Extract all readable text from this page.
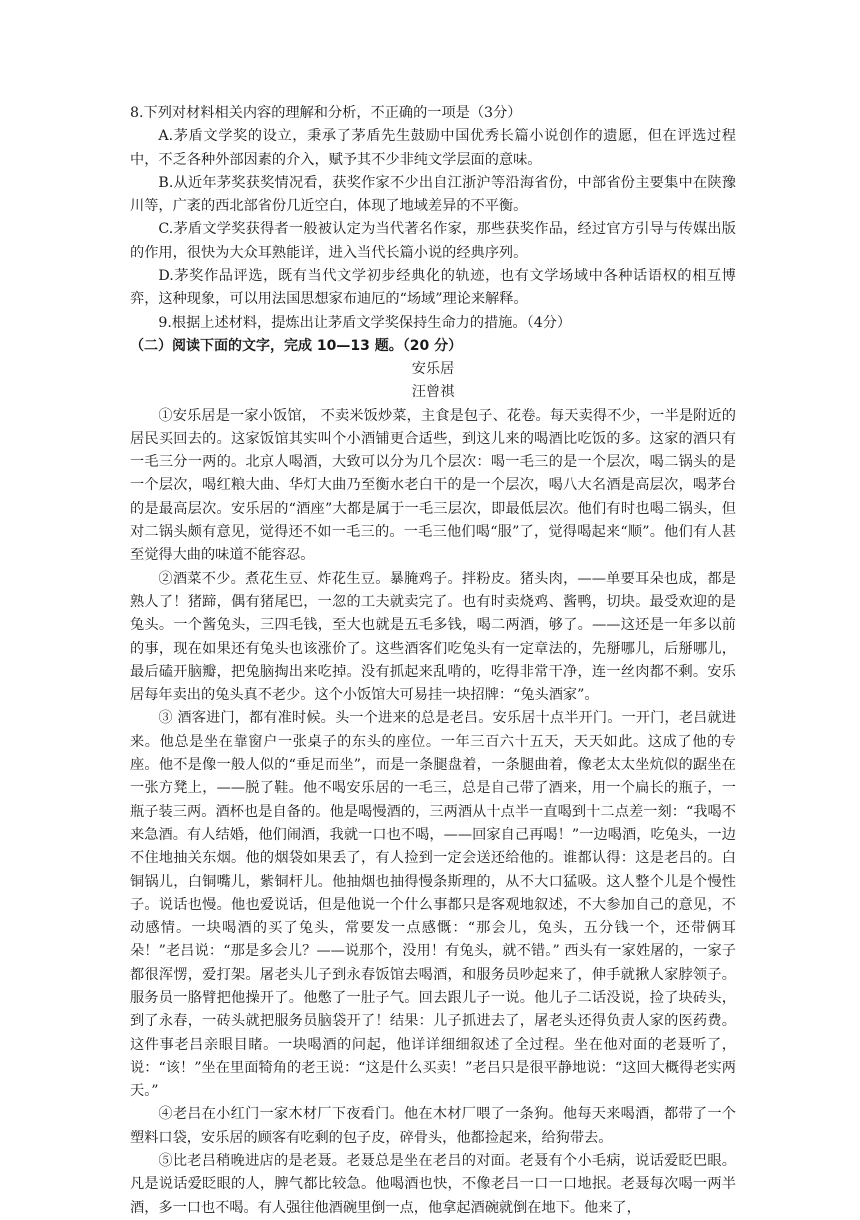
8.下列对材料相关内容的理解和分析，不正确的一项是（3分）

A.茅盾文学奖的设立，秉承了茅盾先生鼓励中国优秀长篇小说创作的遗愿，但在评选过程中，不乏各种外部因素的介入，赋予其不少非纯文学层面的意味。

B.从近年茅奖获奖情况看，获奖作家不少出自江浙沪等沿海省份，中部省份主要集中在陕豫川等，广袤的西北部省份几近空白，体现了地域差异的不平衡。

C.茅盾文学奖获得者一般被认定为当代著名作家，那些获奖作品，经过官方引导与传媒出版的作用，很快为大众耳熟能详，进入当代长篇小说的经典序列。

D.茅奖作品评选，既有当代文学初步经典化的轨迹，也有文学场域中各种话语权的相互博弈，这种现象，可以用法国思想家布迪厄的“场域”理论来解释。

9.根据上述材料，提炼出让茅盾文学奖保持生命力的措施。（4分）

（二）阅读下面的文字，完成 10—13 题。（20 分）

安乐居

汪曾祺

①安乐居是一家小饭馆， 不卖米饭炒菜，主食是包子、花卷。每天卖得不少，一半是附近的居民买回去的。这家饭馆其实叫个小酒铺更合适些，到这儿来的喝酒比吃饭的多。这家的酒只有一毛三分一两的。北京人喝酒，大致可以分为几个层次：喝一毛三的是一个层次，喝二锅头的是一个层次，喝红粮大曲、华灯大曲乃至衡水老白干的是一个层次，喝八大名酒是高层次，喝茅台的是最高层次。安乐居的“酒座”大都是属于一毛三层次，即最低层次。他们有时也喝二锅头，但对二锅头颇有意见，觉得还不如一毛三的。一毛三他们喝“服”了，觉得喝起来“顺”。他们有人甚至觉得大曲的味道不能容忍。

②酒菜不少。煮花生豆、炸花生豆。暴腌鸡子。拌粉皮。猪头肉，——单要耳朵也成，都是熟人了！猪蹄，偶有猪尾巴，一忽的工夫就卖完了。也有时卖烧鸡、酱鸭，切块。最受欢迎的是兔头。一个酱兔头，三四毛钱，至大也就是五毛多钱，喝二两酒，够了。——这还是一年多以前的事，现在如果还有兔头也该涨价了。这些酒客们吃兔头有一定章法的，先掰哪儿，后掰哪儿，最后磕开脑瓣，把兔脑掏出来吃掉。没有抓起来乱啃的，吃得非常干净，连一丝肉都不剩。安乐居每年卖出的兔头真不老少。这个小饭馆大可易挂一块招牌：“兔头酒家”。

③ 酒客进门，都有准时候。头一个进来的总是老吕。安乐居十点半开门。一开门，老吕就进来。他总是坐在靠窗户一张桌子的东头的座位。一年三百六十五天，天天如此。这成了他的专座。他不是像一般人似的“垂足而坐”，而是一条腿盘着，一条腿曲着，像老太太坐炕似的踞坐在一张方凳上，——脱了鞋。他不喝安乐居的一毛三，总是自己带了酒来，用一个扁长的瓶子，一瓶子装三两。酒杯也是自备的。他是喝慢酒的，三两酒从十点半一直喝到十二点差一刻：“我喝不来急酒。有人结婚，他们闹酒，我就一口也不喝，——回家自己再喝！”一边喝酒，吃兔头，一边不住地抽关东烟。他的烟袋如果丢了，有人捡到一定会送还给他的。谁都认得：这是老吕的。白铜锅儿，白铜嘴儿，紫铜杆儿。他抽烟也抽得慢条斯理的，从不大口猛吸。这人整个儿是个慢性子。说话也慢。他也爱说话，但是他说一个什么事都只是客观地叙述，不大参加自己的意见，不动感情。一块喝酒的买了兔头，常要发一点感慨：“那会儿，兔头，五分钱一个，还带俩耳朵！”老吕说：“那是多会儿？——说那个，没用！有兔头，就不错。” 西头有一家姓屠的，一家子都很浑愣，爱打架。屠老头儿子到永春饭馆去喝酒，和服务员吵起来了，伸手就揪人家脖领子。服务员一胳臂把他操开了。他憋了一肚子气。回去跟儿子一说。他儿子二话没说，捡了块砖头，到了永春，一砖头就把服务员脑袋开了！结果：儿子抓进去了，屠老头还得负责人家的医药费。这件事老吕亲眼目睹。一块喝酒的问起，他详详细细叙述了全过程。坐在他对面的老聂听了，说：“该！”坐在里面犄角的老王说：“这是什么买卖！”老吕只是很平静地说：“这回大概得老实两天。”

④老吕在小红门一家木材厂下夜看门。他在木材厂喂了一条狗。他每天来喝酒，都带了一个塑料口袋，安乐居的顾客有吃剩的包子皮，碎骨头，他都捡起来，给狗带去。

⑤比老吕稍晚进店的是老聂。老聂总是坐在老吕的对面。老聂有个小毛病，说话爱眨巴眼。凡是说话爱眨眼的人，脾气都比较急。他喝酒也快，不像老吕一口一口地抿。老聂每次喝一两半酒，多一口也不喝。有人强往他酒碗里倒一点，他拿起酒碗就倒在地下。他来了，
